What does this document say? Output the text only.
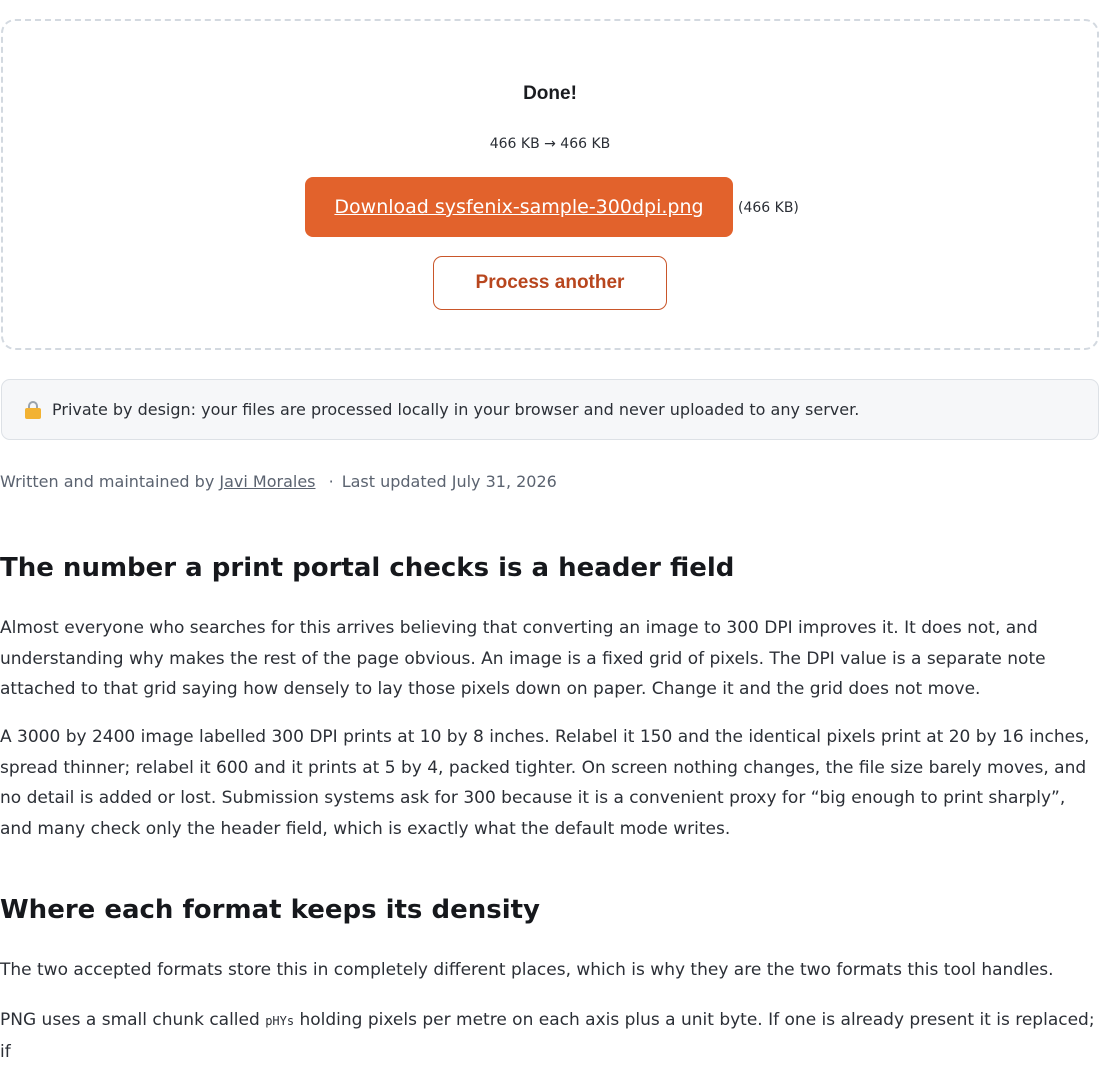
Done!
466 KB → 466 KB
Download sysfenix-sample-300dpi.png	(466 KB)
Process another
Private by design: your files are processed locally in your browser and never uploaded to any server.
Written and maintained by Javi Morales · Last updated July 31, 2026
The number a print portal checks is a header field

Almost everyone who searches for this arrives believing that converting an image to 300 DPI improves it. It does not, and understanding why makes the rest of the page obvious. An image is a fixed grid of pixels. The DPI value is a separate note attached to that grid saying how densely to lay those pixels down on paper. Change it and the grid does not move.

A 3000 by 2400 image labelled 300 DPI prints at 10 by 8 inches. Relabel it 150 and the identical pixels print at 20 by 16 inches, spread thinner; relabel it 600 and it prints at 5 by 4, packed tighter. On screen nothing changes, the file size barely moves, and no detail is added or lost. Submission systems ask for 300 because it is a convenient proxy for “big enough to print sharply”, and many check only the header field, which is exactly what the default mode writes.

Where each format keeps its density

The two accepted formats store this in completely different places, which is why they are the two formats this tool handles.

PNG uses a small chunk called pHYs holding pixels per metre on each axis plus a unit byte. If one is already present it is replaced; if
